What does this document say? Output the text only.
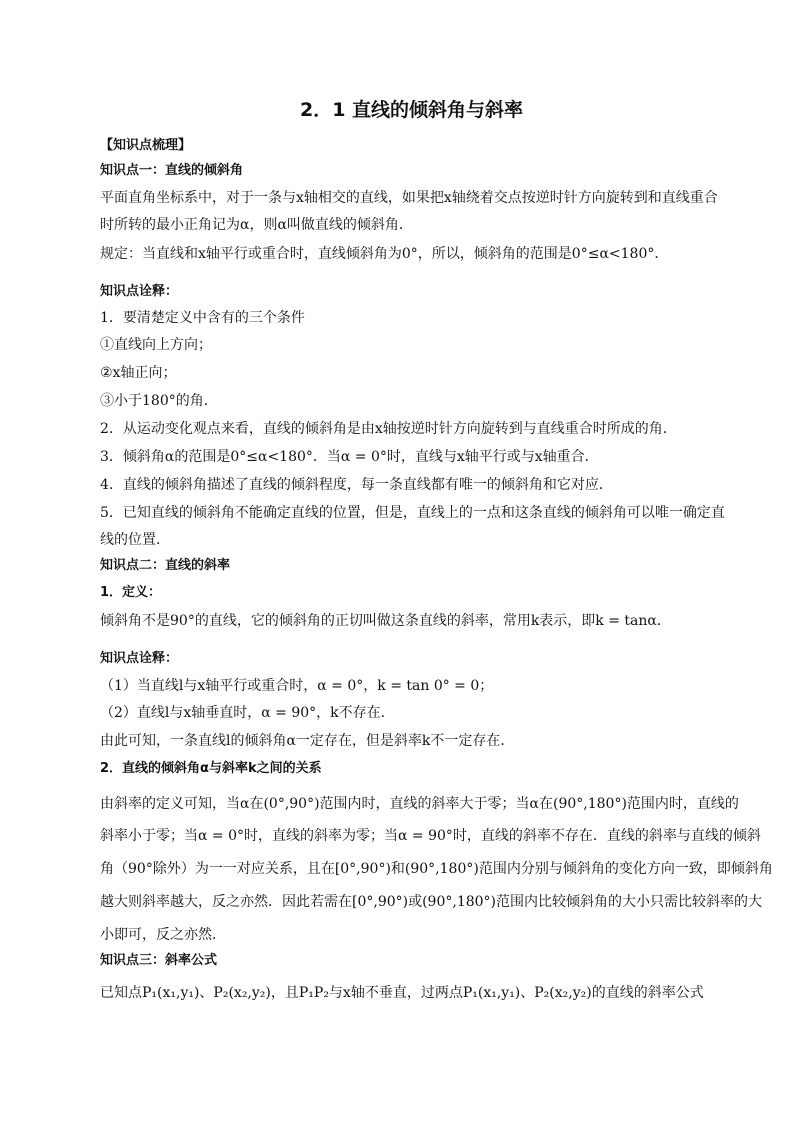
2．1 直线的倾斜角与斜率
【知识点梳理】
知识点一：直线的倾斜角
平面直角坐标系中，对于一条与x轴相交的直线，如果把x轴绕着交点按逆时针方向旋转到和直线重合
时所转的最小正角记为α，则α叫做直线的倾斜角．
规定：当直线和x轴平行或重合时，直线倾斜角为0°，所以，倾斜角的范围是0°≤α<180°．
知识点诠释：
1．要清楚定义中含有的三个条件
①直线向上方向；
②x轴正向；
③小于180°的角．
2．从运动变化观点来看，直线的倾斜角是由x轴按逆时针方向旋转到与直线重合时所成的角．
3．倾斜角α的范围是0°≤α<180°．当α = 0°时，直线与x轴平行或与x轴重合．
4．直线的倾斜角描述了直线的倾斜程度，每一条直线都有唯一的倾斜角和它对应．
5．已知直线的倾斜角不能确定直线的位置，但是，直线上的一点和这条直线的倾斜角可以唯一确定直
线的位置．
知识点二：直线的斜率
1．定义：
倾斜角不是90°的直线，它的倾斜角的正切叫做这条直线的斜率，常用k表示，即k = tanα．
知识点诠释：
（1）当直线l与x轴平行或重合时，α = 0°，k = tan 0° = 0；
（2）直线l与x轴垂直时，α = 90°，k不存在．
由此可知，一条直线l的倾斜角α一定存在，但是斜率k不一定存在．
2．直线的倾斜角α与斜率k之间的关系
由斜率的定义可知，当α在(0°,90°)范围内时，直线的斜率大于零；当α在(90°,180°)范围内时，直线的
斜率小于零；当α = 0°时，直线的斜率为零；当α = 90°时，直线的斜率不存在．直线的斜率与直线的倾斜
角（90°除外）为一一对应关系，且在[0°,90°)和(90°,180°)范围内分别与倾斜角的变化方向一致，即倾斜角
越大则斜率越大，反之亦然．因此若需在[0°,90°)或(90°,180°)范围内比较倾斜角的大小只需比较斜率的大
小即可，反之亦然．
知识点三：斜率公式
已知点P₁(x₁,y₁)、P₂(x₂,y₂)，且P₁P₂与x轴不垂直，过两点P₁(x₁,y₁)、P₂(x₂,y₂)的直线的斜率公式
